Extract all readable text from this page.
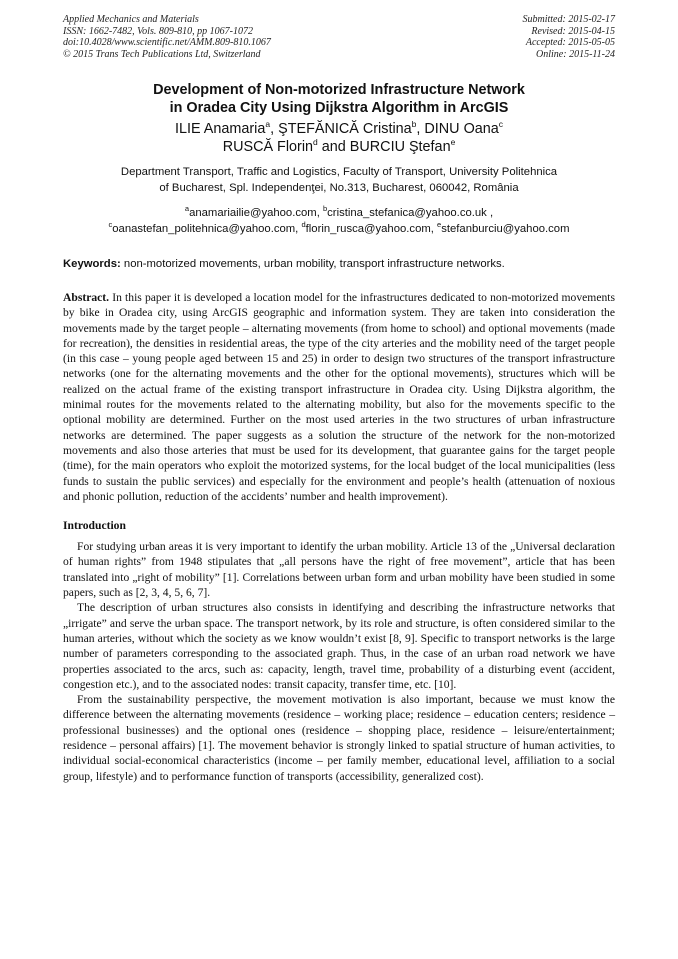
Applied Mechanics and Materials
ISSN: 1662-7482, Vols. 809-810, pp 1067-1072
doi:10.4028/www.scientific.net/AMM.809-810.1067
© 2015 Trans Tech Publications Ltd, Switzerland
Submitted: 2015-02-17
Revised: 2015-04-15
Accepted: 2015-05-05
Online: 2015-11-24
Development of Non-motorized Infrastructure Network
in Oradea City Using Dijkstra Algorithm in ArcGIS
ILIE Anamaria$^a$, ŞTEFĂNICĂ Cristina$^b$, DINU Oana$^c$
RUSCĂ Florin$^d$ and BURCIU Ştefan$^e$
Department Transport, Traffic and Logistics, Faculty of Transport, University Politehnica
of Bucharest, Spl. Independenţei, No.313, Bucharest, 060042, România
$^a$anamariailie@yahoo.com, $^b$cristina_stefanica@yahoo.co.uk ,
$^c$oanastefan_politehnica@yahoo.com, $^d$florin_rusca@yahoo.com, $^e$stefanburciu@yahoo.com
Keywords: non-motorized movements, urban mobility, transport infrastructure networks.
Abstract. In this paper it is developed a location model for the infrastructures dedicated to non-motorized movements by bike in Oradea city, using ArcGIS geographic and information system. They are taken into consideration the movements made by the target people – alternating movements (from home to school) and optional movements (made for recreation), the densities in residential areas, the type of the city arteries and the mobility need of the target people (in this case – young people aged between 15 and 25) in order to design two structures of the transport infrastructure networks (one for the alternating movements and the other for the optional movements), structures which will be realized on the actual frame of the existing transport infrastructure in Oradea city. Using Dijkstra algorithm, the minimal routes for the movements related to the alternating mobility, but also for the movements specific to the optional mobility are determined. Further on the most used arteries in the two structures of urban infrastructure networks are determined. The paper suggests as a solution the structure of the network for the non-motorized movements and also those arteries that must be used for its development, that guarantee gains for the target people (time), for the main operators who exploit the motorized systems, for the local budget of the local municipalities (less funds to sustain the public services) and especially for the environment and people’s health (attenuation of noxious and phonic pollution, reduction of the accidents’ number and health improvement).
Introduction

For studying urban areas it is very important to identify the urban mobility. Article 13 of the „Universal declaration of human rights” from 1948 stipulates that „all persons have the right of free movement”, article that has been translated into „right of mobility” [1]. Correlations between urban form and urban mobility have been studied in some papers, such as [2, 3, 4, 5, 6, 7].

The description of urban structures also consists in identifying and describing the infrastructure networks that „irrigate” and serve the urban space. The transport network, by its role and structure, is often considered similar to the human arteries, without which the society as we know wouldn’t exist [8, 9]. Specific to transport networks is the large number of parameters corresponding to the associated graph. Thus, in the case of an urban road network we have properties associated to the arcs, such as: capacity, length, travel time, probability of a disturbing event (accident, congestion etc.), and to the associated nodes: transit capacity, transfer time, etc. [10].

From the sustainability perspective, the movement motivation is also important, because we must know the difference between the alternating movements (residence – working place; residence – education centers; residence – professional businesses) and the optional ones (residence – shopping place, residence – leisure/entertainment; residence – personal affairs) [1]. The movement behavior is strongly linked to spatial structure of human activities, to individual social-economical characteristics (income – per family member, educational level, affiliation to a social group, lifestyle) and to performance function of transports (accessibility, generalized cost).
